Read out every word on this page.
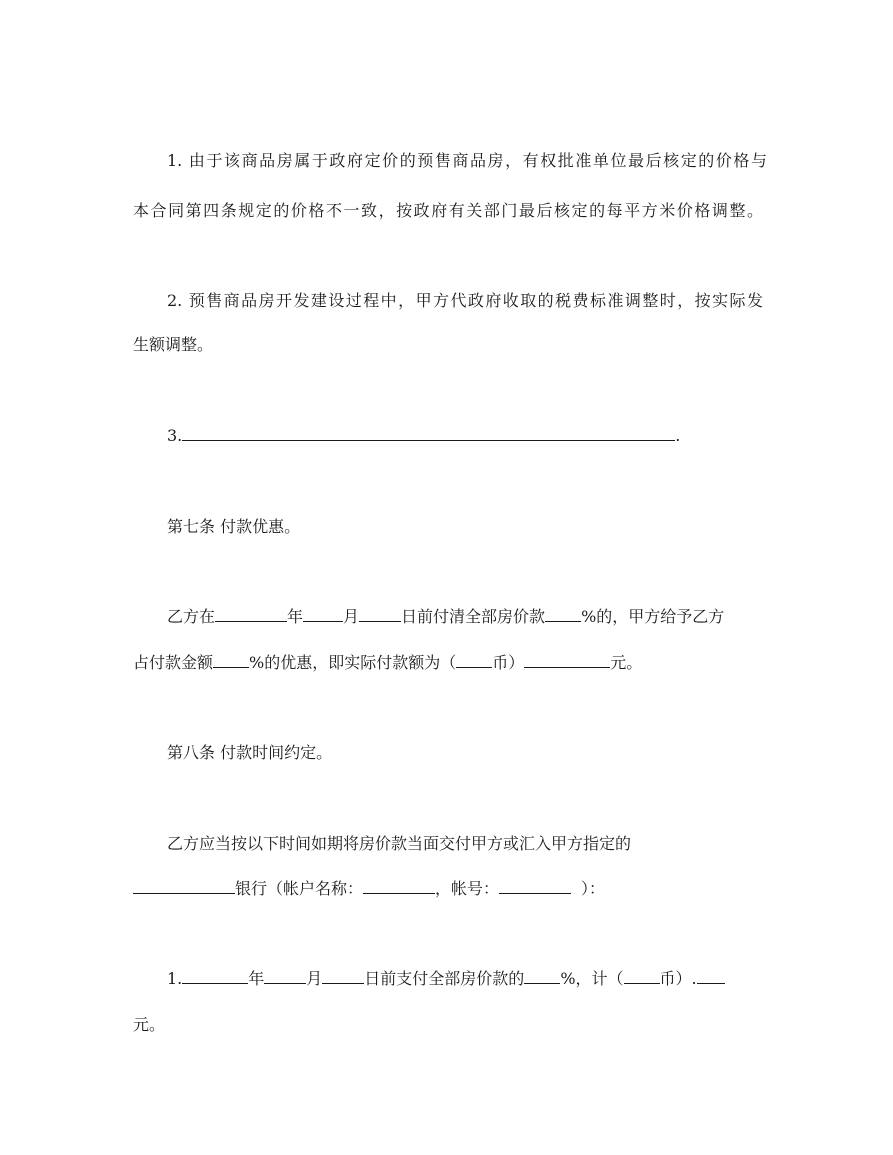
1. 由于该商品房属于政府定价的预售商品房，有权批准单位最后核定的价格与
本合同第四条规定的价格不一致，按政府有关部门最后核定的每平方米价格调整。
2. 预售商品房开发建设过程中，甲方代政府收取的税费标准调整时，按实际发
生额调整。
3.	.
第七条 付款优惠。
乙方在	年	月	日前付清全部房价款 %的，甲方给予乙方
占付款金额 %的优惠，即实际付款额为（ 币）	元。
第八条 付款时间约定。
乙方应当按以下时间如期将房价款当面交付甲方或汇入甲方指定的
银行（帐户名称：	，帐号：	）：
1.	年	月	日前支付全部房价款的 %，计（ 币）.
元。
